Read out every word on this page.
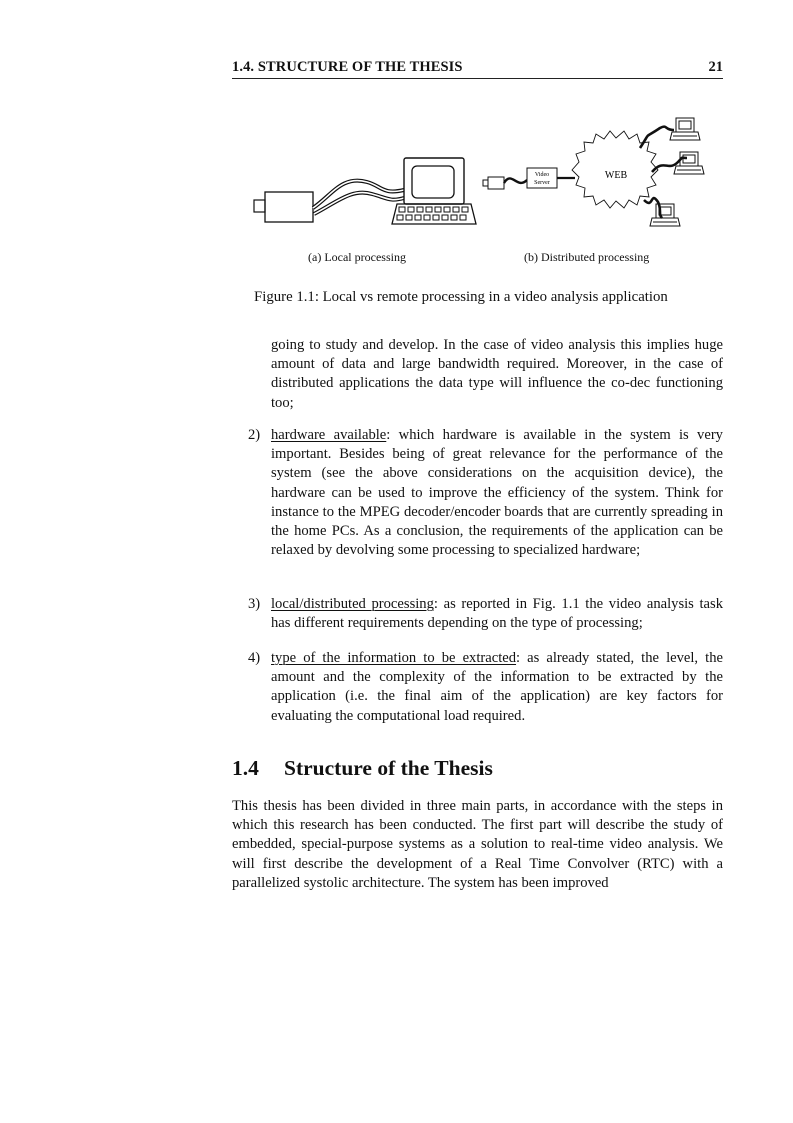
1.4. STRUCTURE OF THE THESIS	21
Video
Server
WEB
(a) Local processing	(b) Distributed processing
Figure 1.1: Local vs remote processing in a video analysis application
going to study and develop. In the case of video analysis this implies huge amount of data and large bandwidth required. Moreover, in the case of distributed applications the data type will influence the co-dec functioning too;
2) hardware available: which hardware is available in the system is very important. Besides being of great relevance for the performance of the system (see the above considerations on the acquisition device), the hardware can be used to improve the efficiency of the system. Think for instance to the MPEG decoder/encoder boards that are currently spreading in the home PCs. As a conclusion, the requirements of the application can be relaxed by devolving some processing to specialized hardware;
3) local/distributed processing: as reported in Fig. 1.1 the video analysis task has different requirements depending on the type of processing;
4) type of the information to be extracted: as already stated, the level, the amount and the complexity of the information to be extracted by the application (i.e. the final aim of the application) are key factors for evaluating the computational load required.
1.4 Structure of the Thesis
This thesis has been divided in three main parts, in accordance with the steps in which this research has been conducted. The first part will describe the study of embedded, special-purpose systems as a solution to real-time video analysis. We will first describe the development of a Real Time Convolver (RTC) with a parallelized systolic architecture. The system has been improved
